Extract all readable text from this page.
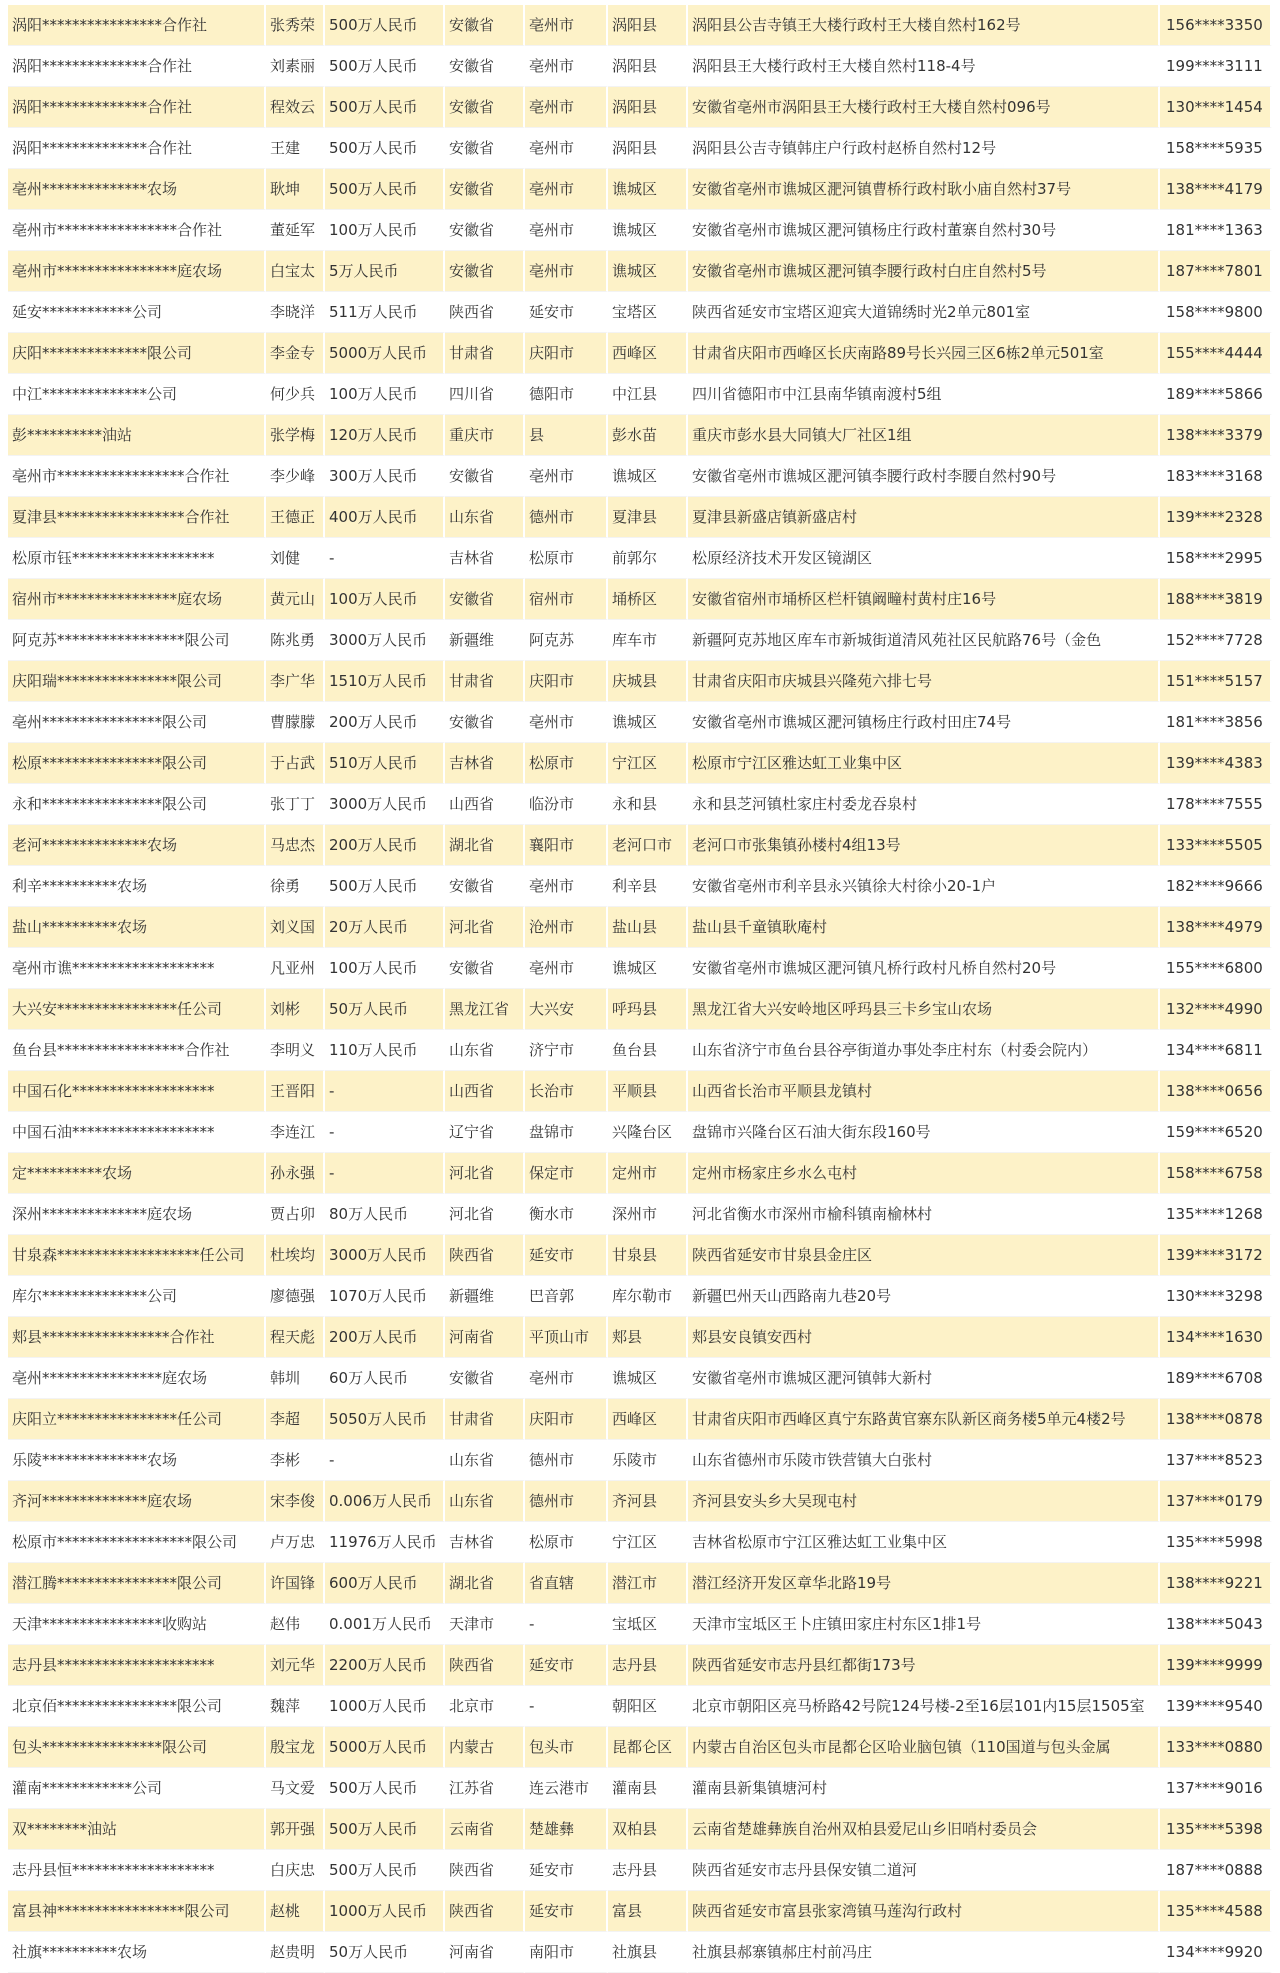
涡阳****************合作社	张秀荣	500万人民币	安徽省	亳州市	涡阳县	涡阳县公吉寺镇王大楼行政村王大楼自然村162号	156****3350
涡阳**************合作社	刘素丽	500万人民币	安徽省	亳州市	涡阳县	涡阳县王大楼行政村王大楼自然村118-4号	199****3111
涡阳**************合作社	程效云	500万人民币	安徽省	亳州市	涡阳县	安徽省亳州市涡阳县王大楼行政村王大楼自然村096号	130****1454
涡阳**************合作社	王建	500万人民币	安徽省	亳州市	涡阳县	涡阳县公吉寺镇韩庄户行政村赵桥自然村12号	158****5935
亳州**************农场	耿坤	500万人民币	安徽省	亳州市	谯城区	安徽省亳州市谯城区淝河镇曹桥行政村耿小庙自然村37号	138****4179
亳州市****************合作社	董延军	100万人民币	安徽省	亳州市	谯城区	安徽省亳州市谯城区淝河镇杨庄行政村董寨自然村30号	181****1363
亳州市****************庭农场	白宝太	5万人民币	安徽省	亳州市	谯城区	安徽省亳州市谯城区淝河镇李腰行政村白庄自然村5号	187****7801
延安************公司	李晓洋	511万人民币	陕西省	延安市	宝塔区	陕西省延安市宝塔区迎宾大道锦绣时光2单元801室	158****9800
庆阳**************限公司	李金专	5000万人民币	甘肃省	庆阳市	西峰区	甘肃省庆阳市西峰区长庆南路89号长兴园三区6栋2单元501室	155****4444
中江**************公司	何少兵	100万人民币	四川省	德阳市	中江县	四川省德阳市中江县南华镇南渡村5组	189****5866
彭**********油站	张学梅	120万人民币	重庆市	县	彭水苗	重庆市彭水县大同镇大厂社区1组	138****3379
亳州市*****************合作社	李少峰	300万人民币	安徽省	亳州市	谯城区	安徽省亳州市谯城区淝河镇李腰行政村李腰自然村90号	183****3168
夏津县*****************合作社	王德正	400万人民币	山东省	德州市	夏津县	夏津县新盛店镇新盛店村	139****2328
松原市钰*******************	刘健	-	吉林省	松原市	前郭尔	松原经济技术开发区镜湖区	158****2995
宿州市****************庭农场	黄元山	100万人民币	安徽省	宿州市	埇桥区	安徽省宿州市埇桥区栏杆镇阚疃村黄村庄16号	188****3819
阿克苏*****************限公司	陈兆勇	3000万人民币	新疆维	阿克苏	库车市	新疆阿克苏地区库车市新城街道清风苑社区民航路76号（金色	152****7728
庆阳瑞****************限公司	李广华	1510万人民币	甘肃省	庆阳市	庆城县	甘肃省庆阳市庆城县兴隆苑六排七号	151****5157
亳州****************限公司	曹朦朦	200万人民币	安徽省	亳州市	谯城区	安徽省亳州市谯城区淝河镇杨庄行政村田庄74号	181****3856
松原****************限公司	于占武	510万人民币	吉林省	松原市	宁江区	松原市宁江区雅达虹工业集中区	139****4383
永和****************限公司	张丁丁	3000万人民币	山西省	临汾市	永和县	永和县芝河镇杜家庄村委龙吞泉村	178****7555
老河**************农场	马忠杰	200万人民币	湖北省	襄阳市	老河口市	老河口市张集镇孙楼村4组13号	133****5505
利辛**********农场	徐勇	500万人民币	安徽省	亳州市	利辛县	安徽省亳州市利辛县永兴镇徐大村徐小20-1户	182****9666
盐山**********农场	刘义国	20万人民币	河北省	沧州市	盐山县	盐山县千童镇耿庵村	138****4979
亳州市谯*******************	凡亚州	100万人民币	安徽省	亳州市	谯城区	安徽省亳州市谯城区淝河镇凡桥行政村凡桥自然村20号	155****6800
大兴安****************任公司	刘彬	50万人民币	黑龙江省	大兴安	呼玛县	黑龙江省大兴安岭地区呼玛县三卡乡宝山农场	132****4990
鱼台县*****************合作社	李明义	110万人民币	山东省	济宁市	鱼台县	山东省济宁市鱼台县谷亭街道办事处李庄村东（村委会院内）	134****6811
中国石化*******************	王晋阳	-	山西省	长治市	平顺县	山西省长治市平顺县龙镇村	138****0656
中国石油*******************	李连江	-	辽宁省	盘锦市	兴隆台区	盘锦市兴隆台区石油大街东段160号	159****6520
定**********农场	孙永强	-	河北省	保定市	定州市	定州市杨家庄乡水么屯村	158****6758
深州**************庭农场	贾占卯	80万人民币	河北省	衡水市	深州市	河北省衡水市深州市榆科镇南榆林村	135****1268
甘泉森*******************任公司	杜埃均	3000万人民币	陕西省	延安市	甘泉县	陕西省延安市甘泉县金庄区	139****3172
库尔**************公司	廖德强	1070万人民币	新疆维	巴音郭	库尔勒市	新疆巴州天山西路南九巷20号	130****3298
郏县*****************合作社	程天彪	200万人民币	河南省	平顶山市	郏县	郏县安良镇安西村	134****1630
亳州****************庭农场	韩圳	60万人民币	安徽省	亳州市	谯城区	安徽省亳州市谯城区淝河镇韩大新村	189****6708
庆阳立****************任公司	李超	5050万人民币	甘肃省	庆阳市	西峰区	甘肃省庆阳市西峰区真宁东路黄官寨东队新区商务楼5单元4楼2号	138****0878
乐陵**************农场	李彬	-	山东省	德州市	乐陵市	山东省德州市乐陵市铁营镇大白张村	137****8523
齐河**************庭农场	宋李俊	0.006万人民币	山东省	德州市	齐河县	齐河县安头乡大吴现屯村	137****0179
松原市******************限公司	卢万忠	11976万人民币	吉林省	松原市	宁江区	吉林省松原市宁江区雅达虹工业集中区	135****5998
潜江腾****************限公司	许国锋	600万人民币	湖北省	省直辖	潜江市	潜江经济开发区章华北路19号	138****9221
天津****************收购站	赵伟	0.001万人民币	天津市	-	宝坻区	天津市宝坻区王卜庄镇田家庄村东区1排1号	138****5043
志丹县*********************	刘元华	2200万人民币	陕西省	延安市	志丹县	陕西省延安市志丹县红都街173号	139****9999
北京佰****************限公司	魏萍	1000万人民币	北京市	-	朝阳区	北京市朝阳区亮马桥路42号院124号楼-2至16层101内15层1505室	139****9540
包头****************限公司	殷宝龙	5000万人民币	内蒙古	包头市	昆都仑区	内蒙古自治区包头市昆都仑区哈业脑包镇（110国道与包头金属	133****0880
灌南************公司	马文爱	500万人民币	江苏省	连云港市	灌南县	灌南县新集镇塘河村	137****9016
双********油站	郭开强	500万人民币	云南省	楚雄彝	双柏县	云南省楚雄彝族自治州双柏县爱尼山乡旧哨村委员会	135****5398
志丹县恒*******************	白庆忠	500万人民币	陕西省	延安市	志丹县	陕西省延安市志丹县保安镇二道河	187****0888
富县神*****************限公司	赵桃	1000万人民币	陕西省	延安市	富县	陕西省延安市富县张家湾镇马莲沟行政村	135****4588
社旗**********农场	赵贵明	50万人民币	河南省	南阳市	社旗县	社旗县郝寨镇郝庄村前冯庄	134****9920
